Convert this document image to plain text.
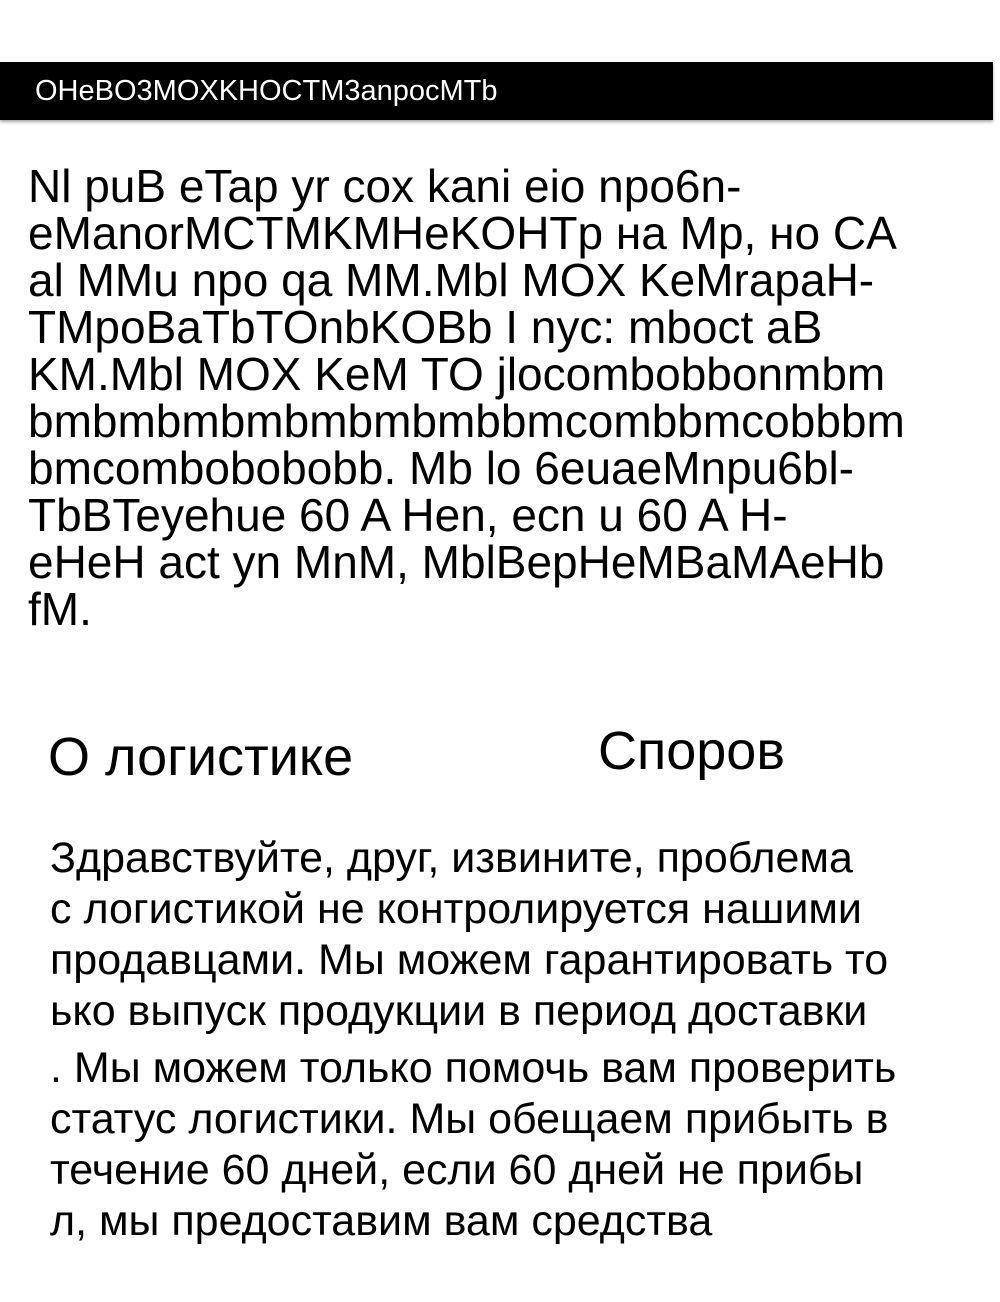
OHeBO3MOXKHOCTM3anpocMTb
Nl puB eTap yr cox kani eio npo6n-
eManorMCTMKMHeKOHTp на Mp, но CA
al MMu npo qa MM.Mbl MOX KeMrapaH-
TMpoBaTbTOnbKOBb I nyc: mboct aB
KM.Mbl MOX KeM TO jlocombobbonmbm
bmbmbmbmbmbmbmbbmcombbmcobbbm
bmcombobobobb. Mb lo 6euaeMnpu6bl-
TbBTeyehue 60 A Hen, ecn u 60 A H-
eHeH act yn MnM, MblBepHeMBaMAeHb
fM.
О логистике	Споров
Здравствуйте, друг, извините, проблема
с логистикой не контролируется нашими
продавцами. Мы можем гарантировать то
ько выпуск продукции в период доставки
. Мы можем только помочь вам проверить
статус логистики. Мы обещаем прибыть в
течение 60 дней, если 60 дней не прибы
л, мы предоставим вам средства
